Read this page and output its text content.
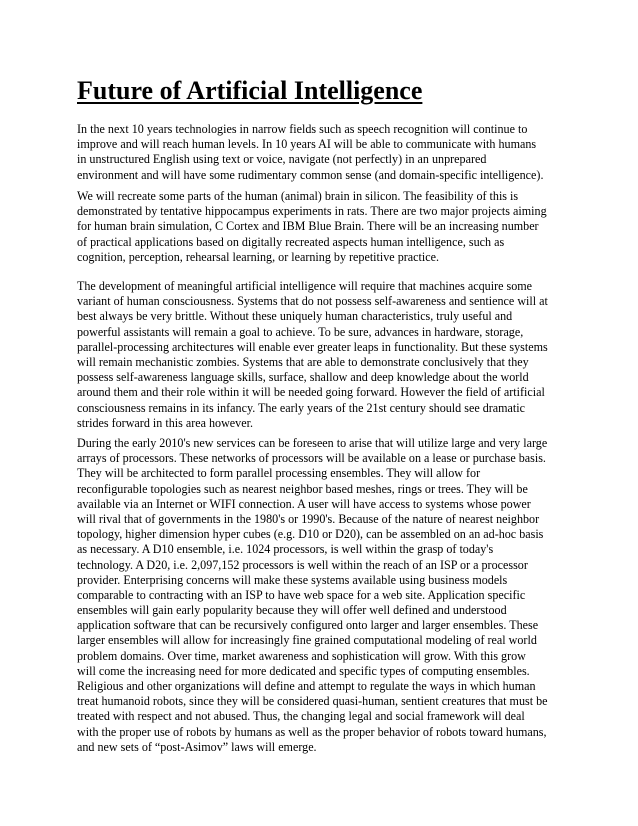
Future of Artificial Intelligence

In the next 10 years technologies in narrow fields such as speech recognition will continue to
improve and will reach human levels. In 10 years AI will be able to communicate with humans
in unstructured English using text or voice, navigate (not perfectly) in an unprepared
environment and will have some rudimentary common sense (and domain-specific intelligence).

We will recreate some parts of the human (animal) brain in silicon. The feasibility of this is
demonstrated by tentative hippocampus experiments in rats. There are two major projects aiming
for human brain simulation, C Cortex and IBM Blue Brain. There will be an increasing number
of practical applications based on digitally recreated aspects human intelligence, such as
cognition, perception, rehearsal learning, or learning by repetitive practice.

The development of meaningful artificial intelligence will require that machines acquire some
variant of human consciousness. Systems that do not possess self-awareness and sentience will at
best always be very brittle. Without these uniquely human characteristics, truly useful and
powerful assistants will remain a goal to achieve. To be sure, advances in hardware, storage,
parallel-processing architectures will enable ever greater leaps in functionality. But these systems
will remain mechanistic zombies. Systems that are able to demonstrate conclusively that they
possess self-awareness language skills, surface, shallow and deep knowledge about the world
around them and their role within it will be needed going forward. However the field of artificial
consciousness remains in its infancy. The early years of the 21st century should see dramatic
strides forward in this area however.

During the early 2010's new services can be foreseen to arise that will utilize large and very large
arrays of processors. These networks of processors will be available on a lease or purchase basis.
They will be architected to form parallel processing ensembles. They will allow for
reconfigurable topologies such as nearest neighbor based meshes, rings or trees. They will be
available via an Internet or WIFI connection. A user will have access to systems whose power
will rival that of governments in the 1980's or 1990's. Because of the nature of nearest neighbor
topology, higher dimension hyper cubes (e.g. D10 or D20), can be assembled on an ad-hoc basis
as necessary. A D10 ensemble, i.e. 1024 processors, is well within the grasp of today's
technology. A D20, i.e. 2,097,152 processors is well within the reach of an ISP or a processor
provider. Enterprising concerns will make these systems available using business models
comparable to contracting with an ISP to have web space for a web site. Application specific
ensembles will gain early popularity because they will offer well defined and understood
application software that can be recursively configured onto larger and larger ensembles. These
larger ensembles will allow for increasingly fine grained computational modeling of real world
problem domains. Over time, market awareness and sophistication will grow. With this grow
will come the increasing need for more dedicated and specific types of computing ensembles.
Religious and other organizations will define and attempt to regulate the ways in which human
treat humanoid robots, since they will be considered quasi-human, sentient creatures that must be
treated with respect and not abused. Thus, the changing legal and social framework will deal
with the proper use of robots by humans as well as the proper behavior of robots toward humans,
and new sets of “post-Asimov” laws will emerge.
